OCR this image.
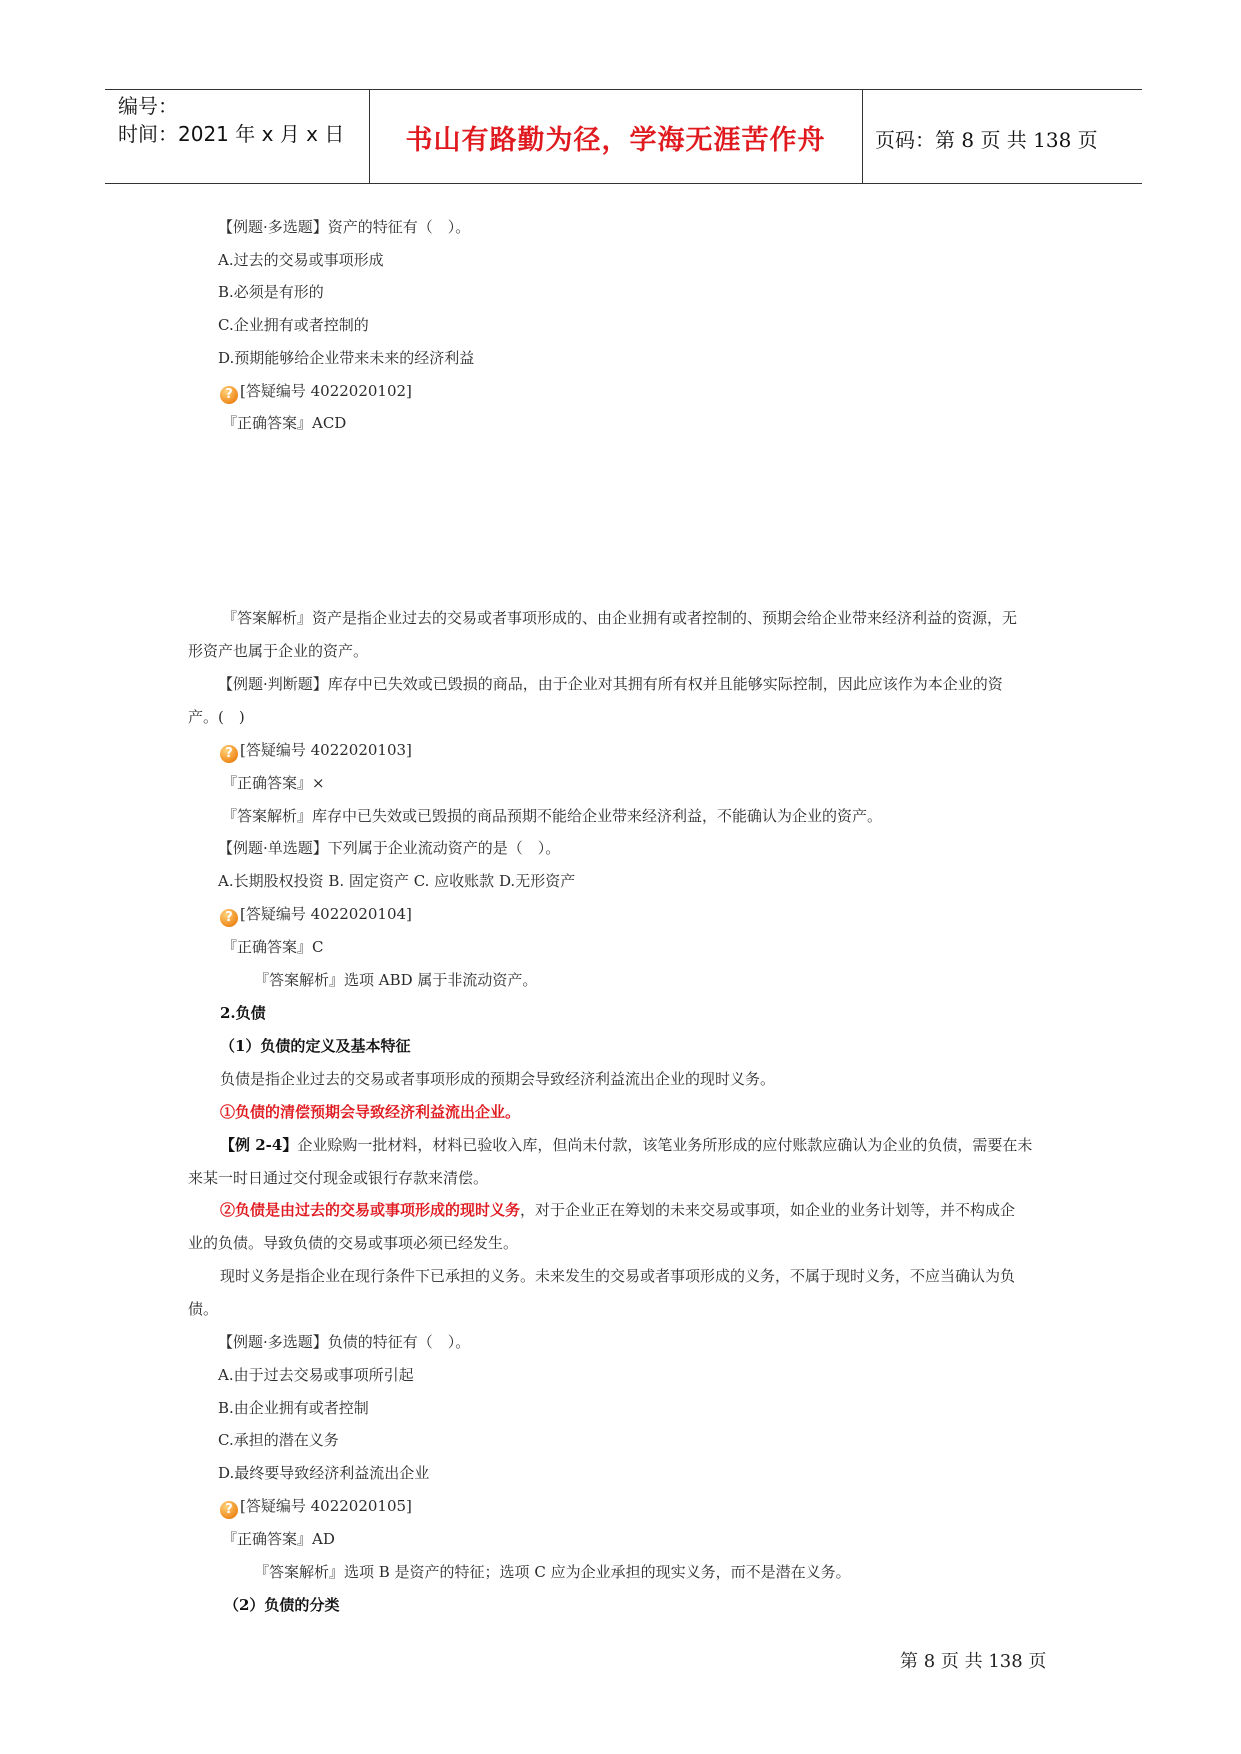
编号：
时间：2021 年 x 月 x 日	书山有路勤为径，学海无涯苦作舟	页码：第 8 页 共 138 页
【例题·多选题】资产的特征有（　）。
A.过去的交易或事项形成
B.必须是有形的
C.企业拥有或者控制的
D.预期能够给企业带来未来的经济利益
? [答疑编号 4022020102]
『正确答案』ACD
『答案解析』资产是指企业过去的交易或者事项形成的、由企业拥有或者控制的、预期会给企业带来经济利益的资源，无
形资产也属于企业的资产。
【例题·判断题】库存中已失效或已毁损的商品，由于企业对其拥有所有权并且能够实际控制，因此应该作为本企业的资
产。(　)
? [答疑编号 4022020103]
『正确答案』×
『答案解析』库存中已失效或已毁损的商品预期不能给企业带来经济利益，不能确认为企业的资产。
【例题·单选题】下列属于企业流动资产的是（　）。
A.长期股权投资 B. 固定资产 C. 应收账款 D.无形资产
? [答疑编号 4022020104]
『正确答案』C
『答案解析』选项 ABD 属于非流动资产。
2.负债
（1）负债的定义及基本特征
负债是指企业过去的交易或者事项形成的预期会导致经济利益流出企业的现时义务。
①负债的清偿预期会导致经济利益流出企业。
【例 2-4】企业赊购一批材料，材料已验收入库，但尚未付款，该笔业务所形成的应付账款应确认为企业的负债，需要在未
来某一时日通过交付现金或银行存款来清偿。
②负债是由过去的交易或事项形成的现时义务，对于企业正在筹划的未来交易或事项，如企业的业务计划等，并不构成企
业的负债。导致负债的交易或事项必须已经发生。
现时义务是指企业在现行条件下已承担的义务。未来发生的交易或者事项形成的义务，不属于现时义务，不应当确认为负
债。
【例题·多选题】负债的特征有（　）。
A.由于过去交易或事项所引起
B.由企业拥有或者控制
C.承担的潜在义务
D.最终要导致经济利益流出企业
? [答疑编号 4022020105]
『正确答案』AD
『答案解析』选项 B 是资产的特征；选项 C 应为企业承担的现实义务，而不是潜在义务。
（2）负债的分类
第 8 页 共 138 页
